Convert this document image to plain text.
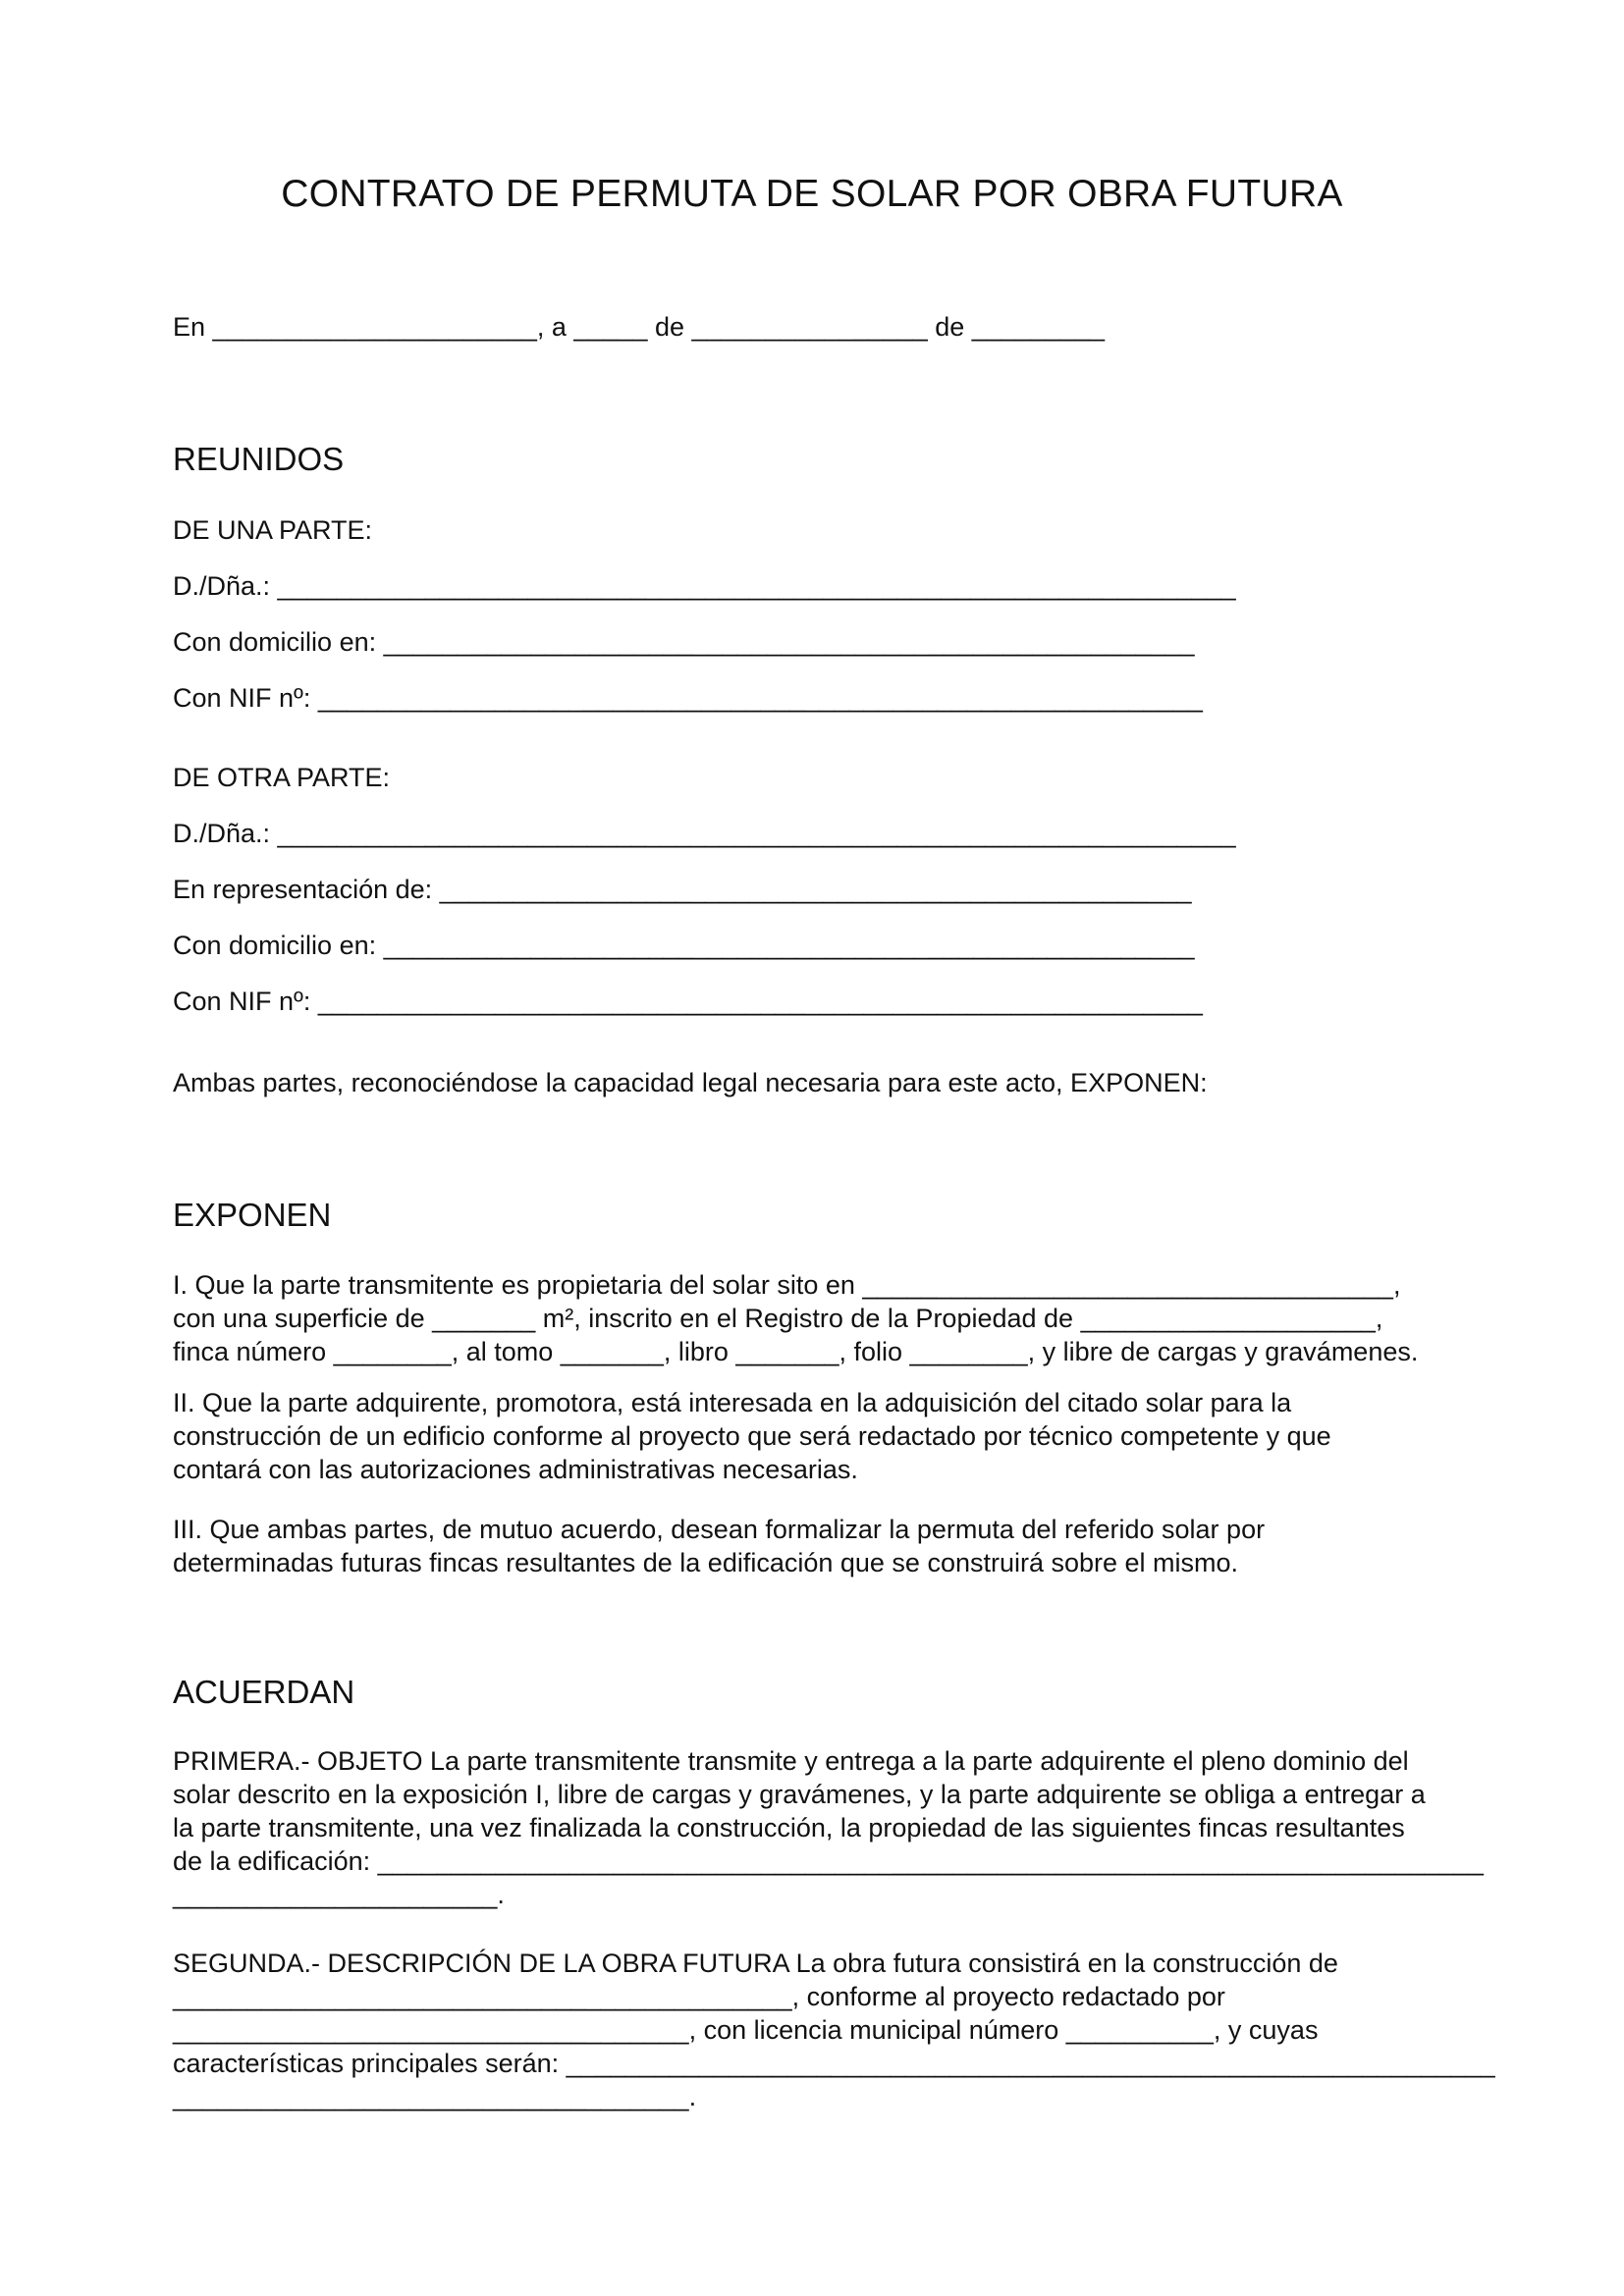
CONTRATO DE PERMUTA DE SOLAR POR OBRA FUTURA

En ______________________, a _____ de ________________ de _________

REUNIDOS

DE UNA PARTE:

D./Dña.: _________________________________________________________________

Con domicilio en: _______________________________________________________

Con NIF nº: ____________________________________________________________

DE OTRA PARTE:

D./Dña.: _________________________________________________________________

En representación de: ___________________________________________________

Con domicilio en: _______________________________________________________

Con NIF nº: ____________________________________________________________

Ambas partes, reconociéndose la capacidad legal necesaria para este acto, EXPONEN:

EXPONEN

I. Que la parte transmitente es propietaria del solar sito en ____________________________________,
con una superficie de _______ m², inscrito en el Registro de la Propiedad de ____________________,
finca número ________, al tomo _______, libro _______, folio ________, y libre de cargas y gravámenes.

II. Que la parte adquirente, promotora, está interesada en la adquisición del citado solar para la
construcción de un edificio conforme al proyecto que será redactado por técnico competente y que
contará con las autorizaciones administrativas necesarias.

III. Que ambas partes, de mutuo acuerdo, desean formalizar la permuta del referido solar por
determinadas futuras fincas resultantes de la edificación que se construirá sobre el mismo.

ACUERDAN

PRIMERA.- OBJETO La parte transmitente transmite y entrega a la parte adquirente el pleno dominio del
solar descrito en la exposición I, libre de cargas y gravámenes, y la parte adquirente se obliga a entregar a
la parte transmitente, una vez finalizada la construcción, la propiedad de las siguientes fincas resultantes
de la edificación: ___________________________________________________________________________
______________________.

SEGUNDA.- DESCRIPCIÓN DE LA OBRA FUTURA La obra futura consistirá en la construcción de
__________________________________________, conforme al proyecto redactado por
___________________________________, con licencia municipal número __________, y cuyas
características principales serán: _______________________________________________________________
___________________________________.
